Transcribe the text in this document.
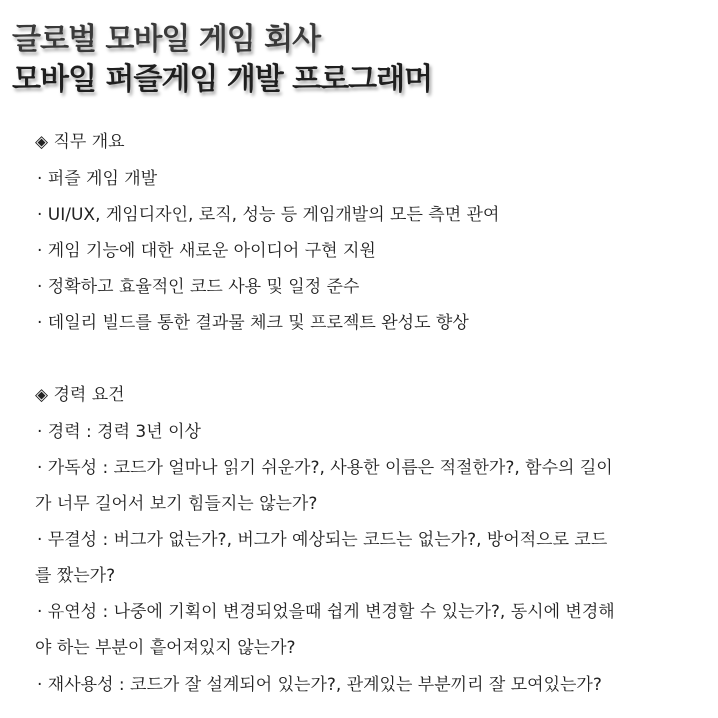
글로벌 모바일 게임 회사
모바일 퍼즐게임 개발 프로그래머
◈ 직무 개요
· 퍼즐 게임 개발
· UI/UX, 게임디자인, 로직, 성능 등 게임개발의 모든 측면 관여
· 게임 기능에 대한 새로운 아이디어 구현 지원
· 정확하고 효율적인 코드 사용 및 일정 준수
· 데일리 빌드를 통한 결과물 체크 및 프로젝트 완성도 향상
◈ 경력 요건
· 경력 : 경력 3년 이상
· 가독성 : 코드가 얼마나 읽기 쉬운가?, 사용한 이름은 적절한가?, 함수의 길이
가 너무 길어서 보기 힘들지는 않는가?
· 무결성 : 버그가 없는가?, 버그가 예상되는 코드는 없는가?, 방어적으로 코드
를 짰는가?
· 유연성 : 나중에 기획이 변경되었을때 쉽게 변경할 수 있는가?, 동시에 변경해
야 하는 부분이 흩어져있지 않는가?
· 재사용성 : 코드가 잘 설계되어 있는가?, 관계있는 부분끼리 잘 모여있는가?
